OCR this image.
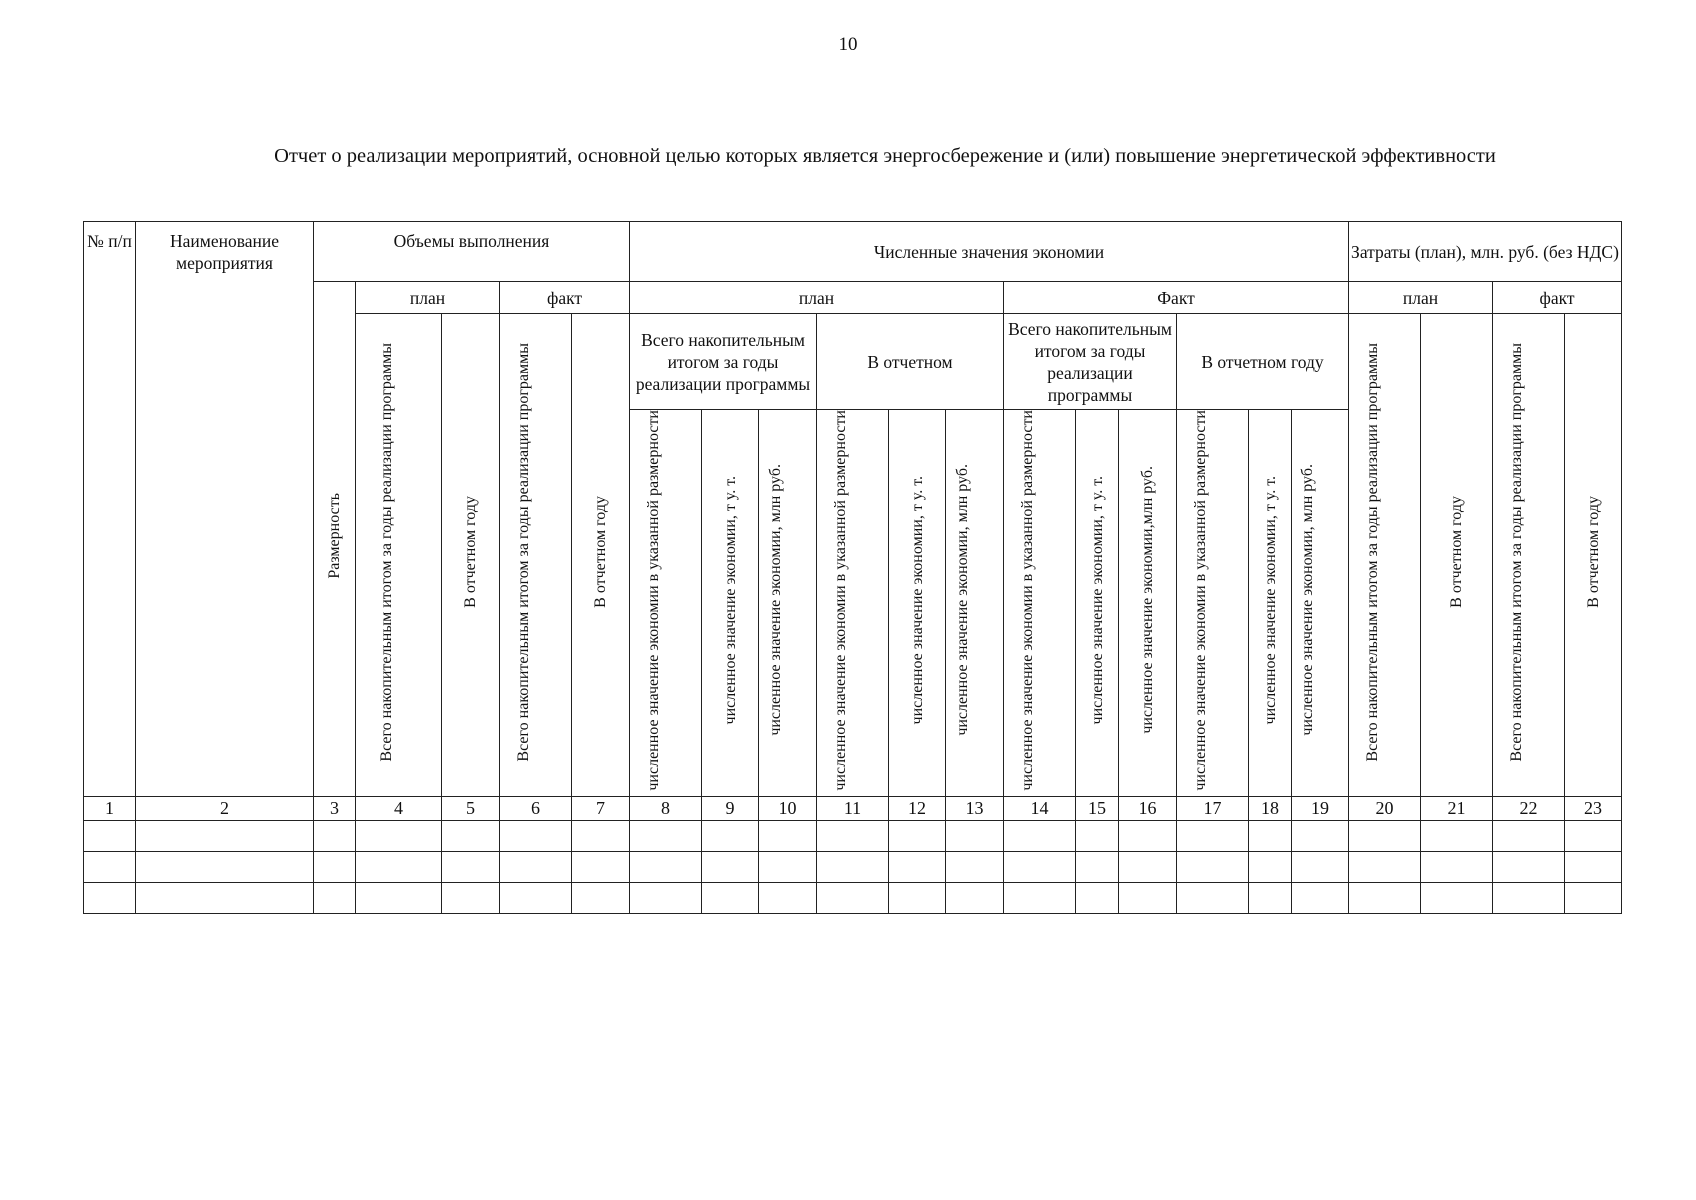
10
Отчет о реализации мероприятий, основной целью которых является энергосбережение и (или) повышение энергетической эффективности
№ п/п	Наименование мероприятия	Объемы выполнения					Численные значения экономии												Затраты (план), млн. руб. (без НДС)			
		Размерность	план		факт		план						Факт						план		факт	
			Всего накопительным итогом за годы реализации программы	В отчетном году	Всего накопительным итогом за годы реализации программы	В отчетном году	Всего накопительным итогом за годы реализации программы			В отчетном			Всего накопительным итогом за годы реализации программы			В отчетном году			Всего накопительным итогом за годы реализации программы	В отчетном году	Всего накопительным итогом за годы реализации программы	В отчетном году
							численное значение экономии в указанной размерности	численное значение экономии, т у. т.	численное значение экономии, млн руб.	численное значение экономии в указанной размерности	численное значение экономии, т у. т.	численное значение экономии, млн руб.	численное значение экономии в указанной размерности	численное значение экономии, т у. т.	численное значение экономии,млн руб.	численное значение экономии в указанной размерности	численное значение экономии, т у. т.	численное значение экономии, млн руб.				
1	2	3	4	5	6	7	8	9	10	11	12	13	14	15	16	17	18	19	20	21	22	23
